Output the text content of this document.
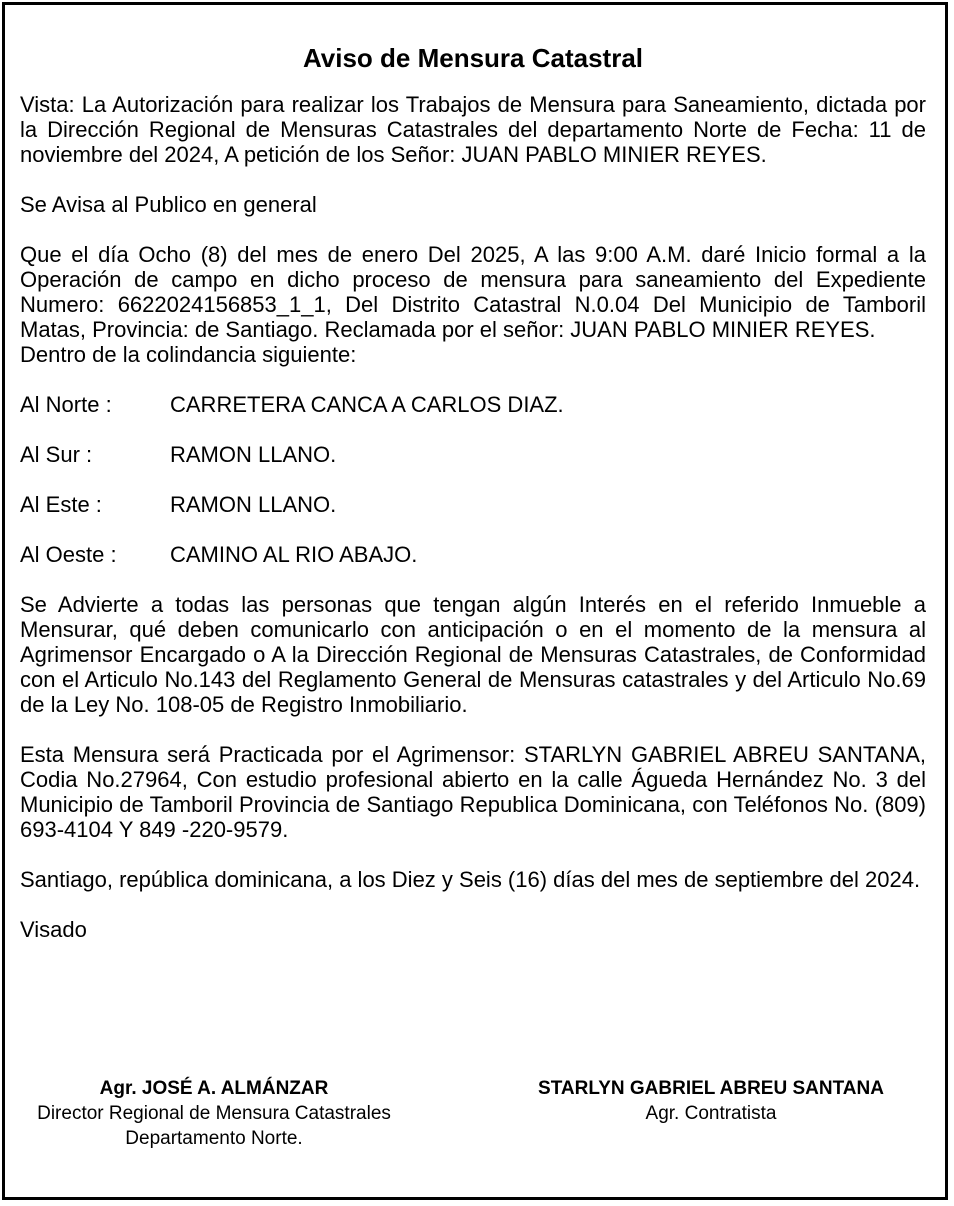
Aviso de Mensura Catastral

Vista: La Autorización para realizar los Trabajos de Mensura para Saneamiento, dictada por la Dirección Regional de Mensuras Catastrales del departamento Norte de Fecha: 11 de noviembre del 2024, A petición de los Señor: JUAN PABLO MINIER REYES.

Se Avisa al Publico en general

Que el día Ocho (8) del mes de enero Del 2025, A las 9:00 A.M. daré Inicio formal a la Operación de campo en dicho proceso de mensura para saneamiento del Expediente Numero: 6622024156853_1_1, Del Distrito Catastral N.0.04 Del Municipio de Tamboril Matas, Provincia: de Santiago. Reclamada por el señor: JUAN PABLO MINIER REYES.

Dentro de la colindancia siguiente:

Al Norte :	CARRETERA CANCA A CARLOS DIAZ.
Al Sur :	RAMON LLANO.
Al Este :	RAMON LLANO.
Al Oeste :	CAMINO AL RIO ABAJO.

Se Advierte a todas las personas que tengan algún Interés en el referido Inmueble a Mensurar, qué deben comunicarlo con anticipación o en el momento de la mensura al Agrimensor Encargado o A la Dirección Regional de Mensuras Catastrales, de Conformidad con el Articulo No.143 del Reglamento General de Mensuras catastrales y del Articulo No.69 de la Ley No. 108-05 de Registro Inmobiliario.

Esta Mensura será Practicada por el Agrimensor: STARLYN GABRIEL ABREU SANTANA, Codia No.27964, Con estudio profesional abierto en la calle Águeda Hernández No. 3 del Municipio de Tamboril Provincia de Santiago Republica Dominicana, con Teléfonos No. (809) 693-4104 Y 849 -220-9579.

Santiago, república dominicana, a los Diez y Seis (16) días del mes de septiembre del 2024.

Visado

Agr. JOSÉ A. ALMÁNZAR
Director Regional de Mensura Catastrales
Departamento Norte.
STARLYN GABRIEL ABREU SANTANA
Agr. Contratista
